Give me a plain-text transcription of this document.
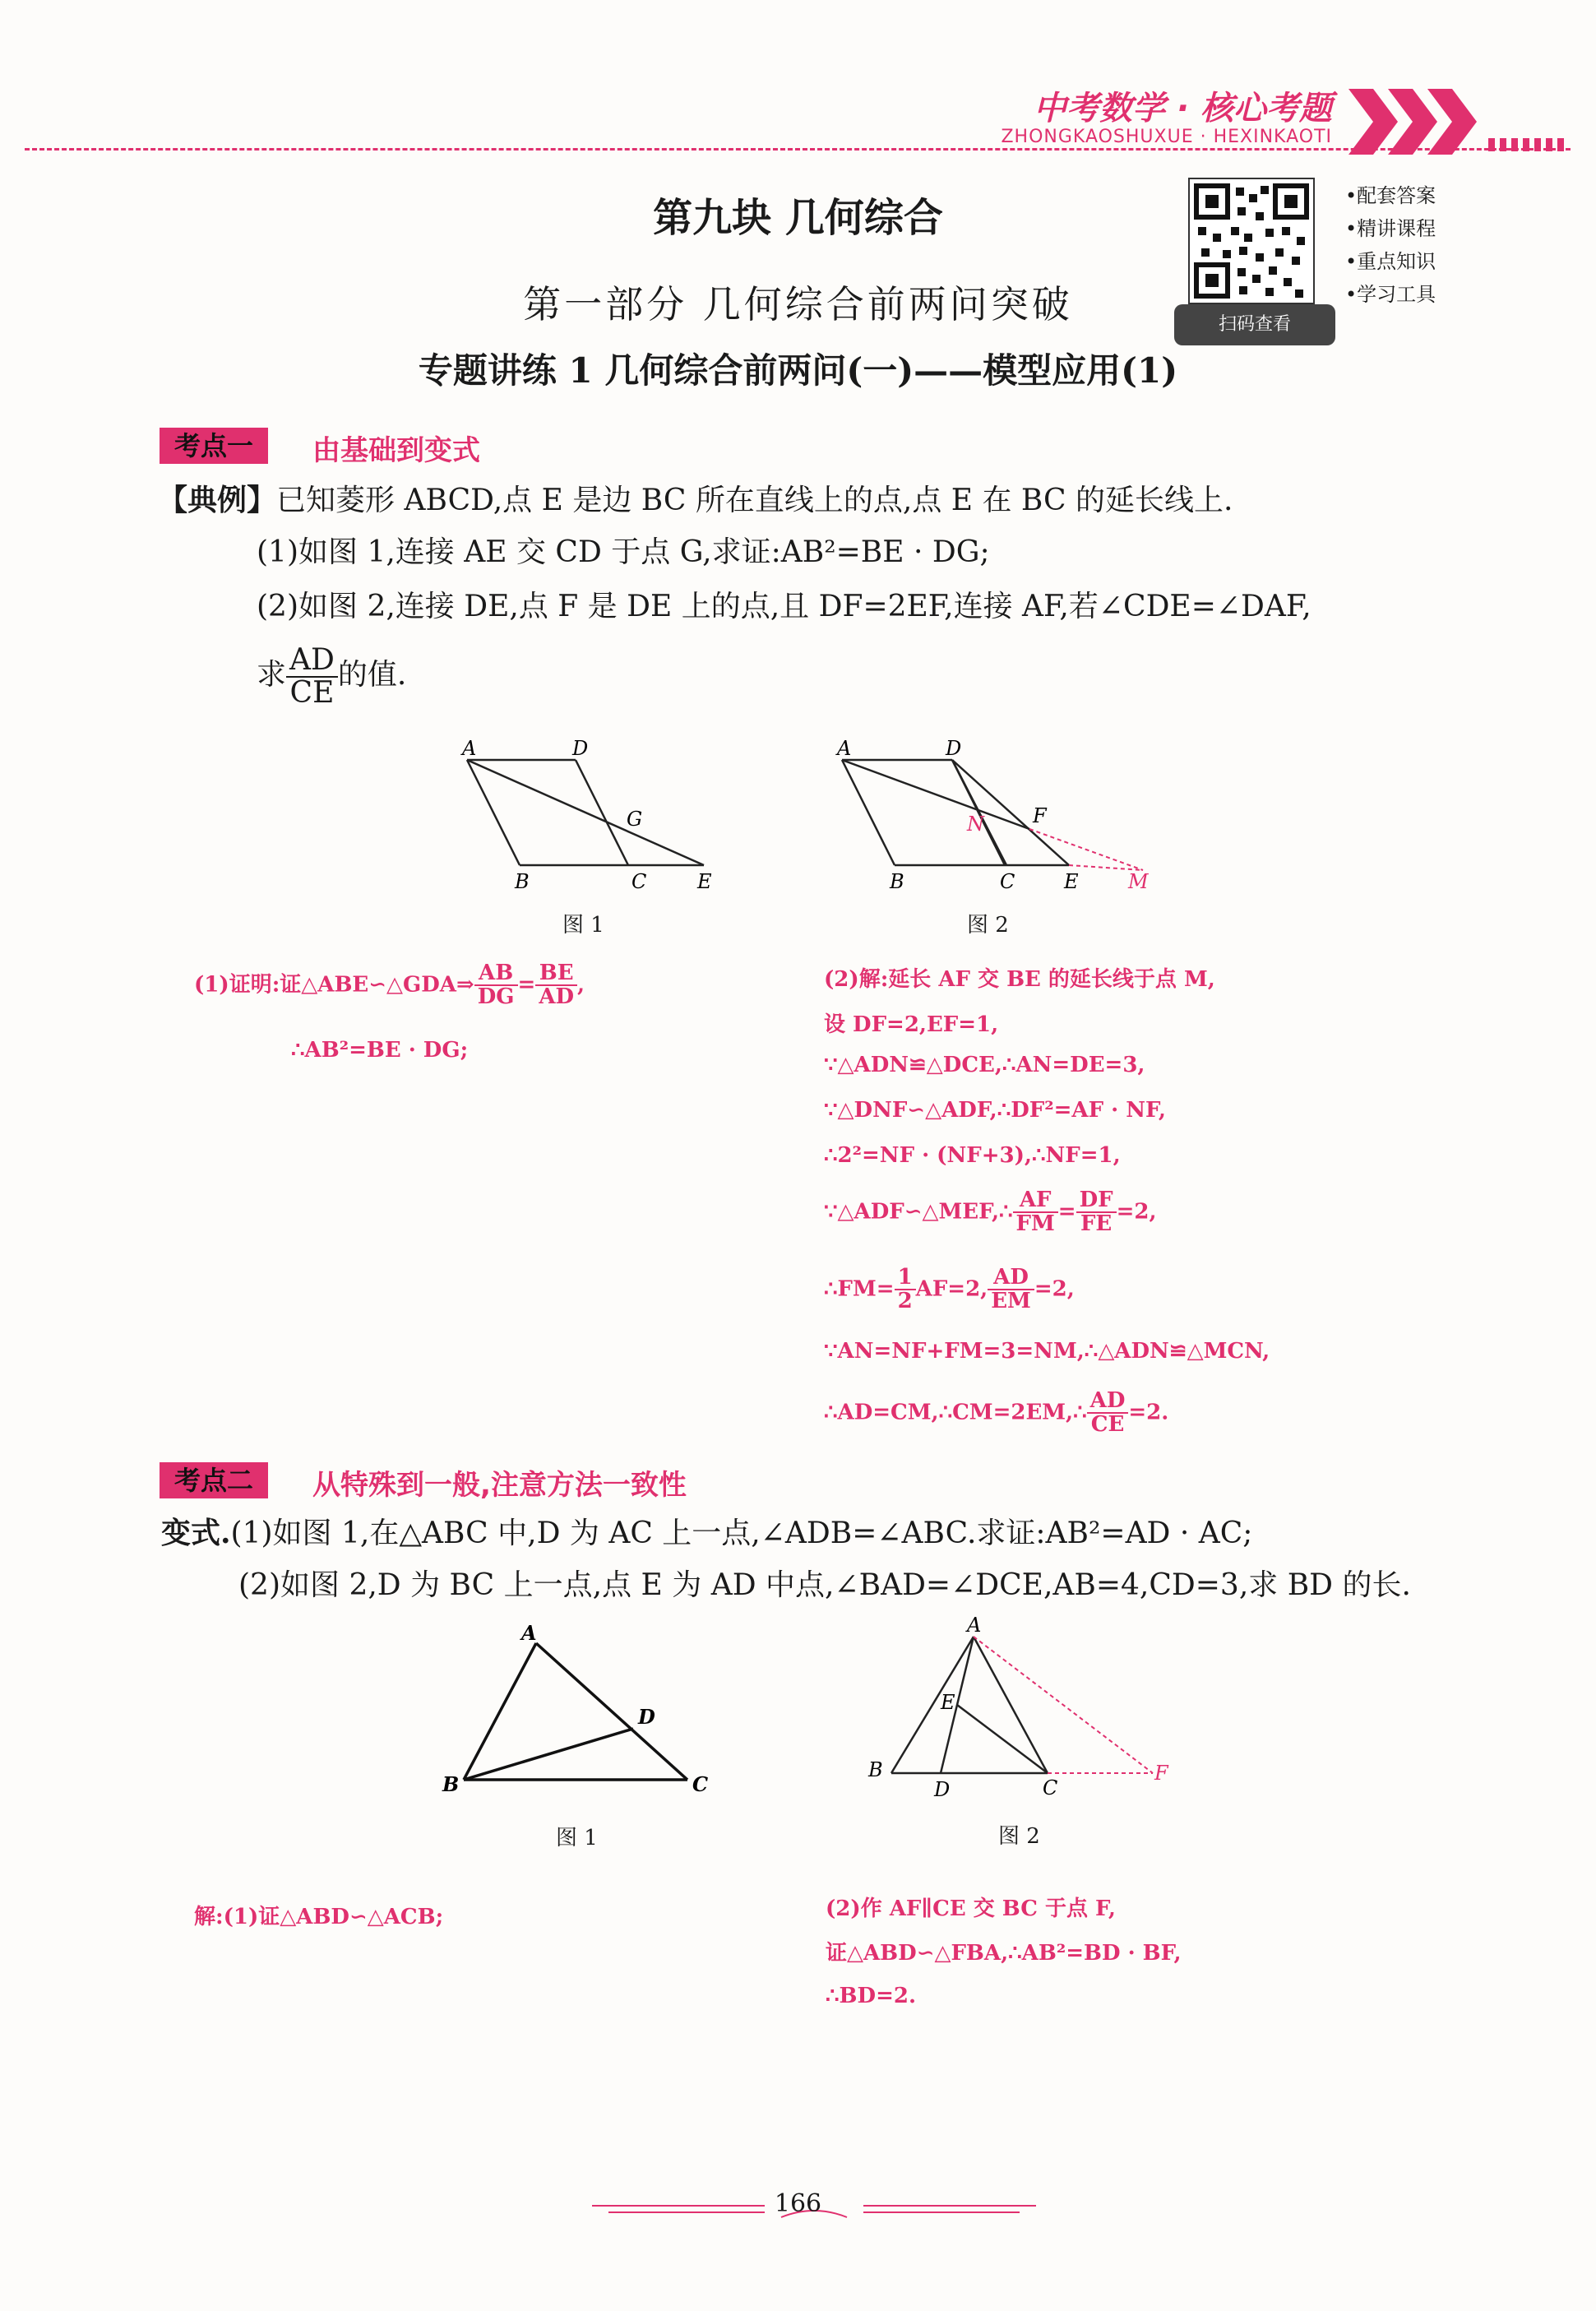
中考数学 · 核心考题
ZHONGKAOSHUXUE · HEXINKAOTI
扫码查看
•配套答案
•精讲课程
•重点知识
•学习工具
第九块 几何综合
第一部分 几何综合前两问突破
专题讲练 1 几何综合前两问(一)——模型应用(1)
考点一	由基础到变式
【典例】已知菱形 ABCD,点 E 是边 BC 所在直线上的点,点 E 在 BC 的延长线上.
(1)如图 1,连接 AE 交 CD 于点 G,求证:AB²=BE · DG;
(2)如图 2,连接 DE,点 F 是 DE 上的点,且 DF=2EF,连接 AF,若∠CDE=∠DAF,
求 $\frac{AD}{CE}$ 的值.
A	D
G
B	C	E
图 1
A	D
F
N
B	C E	M
图 2
(1)证明:证△ABE∽△GDA⇒ $\frac{AB}{DG} = \frac{BE}{AD}$ ,
∴AB²=BE · DG;
(2)解:延长 AF 交 BE 的延长线于点 M,
设 DF=2,EF=1,
∵△ADN≌△DCE,∴AN=DE=3,
∵△DNF∽△ADF,∴DF²=AF · NF,
∴2²=NF · (NF+3),∴NF=1,
∵△ADF∽△MEF,∴ $\frac{AF}{FM} = \frac{DF}{FE} =2$,
∴FM= $\frac{1}{2} AF=2$, $\frac{AD}{EM} =2$,
∵AN=NF+FM=3=NM,∴△ADN≌△MCN,
∴AD=CM,∴CM=2EM,∴ $\frac{AD}{CE} =2$.
考点二	从特殊到一般,注意方法一致性
变式.(1)如图 1,在△ABC 中,D 为 AC 上一点,∠ADB=∠ABC.求证:AB²=AD · AC;
(2)如图 2,D 为 BC 上一点,点 E 为 AD 中点,∠BAD=∠DCE,AB=4,CD=3,求 BD 的长.
A
D
B	C
图 1
A
E
B
D	C
F
图 2
解:(1)证△ABD∽△ACB;	(2)作 AF∥CE 交 BC 于点 F,
证△ABD∽△FBA,∴AB²=BD · BF,
∴BD=2.
166
